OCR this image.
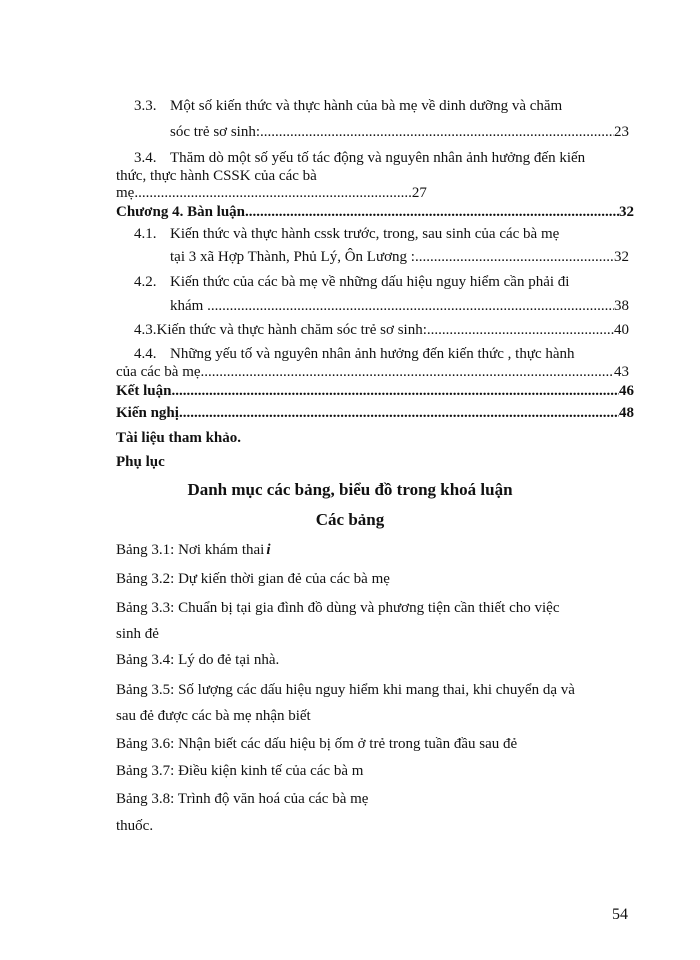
3.3. Một số kiến thức và thực hành của bà mẹ về dinh dưỡng và chăm
sóc trẻ sơ sinh: .....	23
3.4. Thăm dò một số yếu tố tác động và nguyên nhân ảnh hưởng đến kiến
thức, thực hành CSSK của các bà
mẹ..........................................................................27
Chương 4. Bàn luận .....	32
4.1. Kiến thức và thực hành cssk trước, trong, sau sinh của các bà mẹ
tại 3 xã Hợp Thành, Phủ Lý, Ôn Lương : .....	32
4.2. Kiến thức của các bà mẹ về những dấu hiệu nguy hiểm cần phải đi
khám . .....	38
4.3. Kiến thức và thực hành chăm sóc trẻ sơ sinh: .....	40
4.4. Những yếu tố và nguyên nhân ảnh hưởng đến kiến thức , thực hành
của các bà mẹ .....	43
Kết luận .....	46
Kiến nghị .....	48
Tài liệu tham khảo.
Phụ lục
Danh mục các bảng, biểu đồ trong khoá luận
Các bảng
Bảng 3.1: Nơi khám thai i
Bảng 3.2: Dự kiến thời gian đẻ của các bà mẹ
Bảng 3.3: Chuẩn bị tại gia đình đồ dùng và phương tiện cần thiết cho việc
sinh đẻ
Bảng 3.4: Lý do đẻ tại nhà.
Bảng 3.5: Số lượng các dấu hiệu nguy hiểm khi mang thai, khi chuyển dạ và
sau đẻ được các bà mẹ nhận biết
Bảng 3.6: Nhận biết các dấu hiệu bị ốm ở trẻ trong tuần đầu sau đẻ
Bảng 3.7: Điều kiện kinh tế của các bà m
Bảng 3.8: Trình độ văn hoá của các bà mẹ
thuốc.
54
